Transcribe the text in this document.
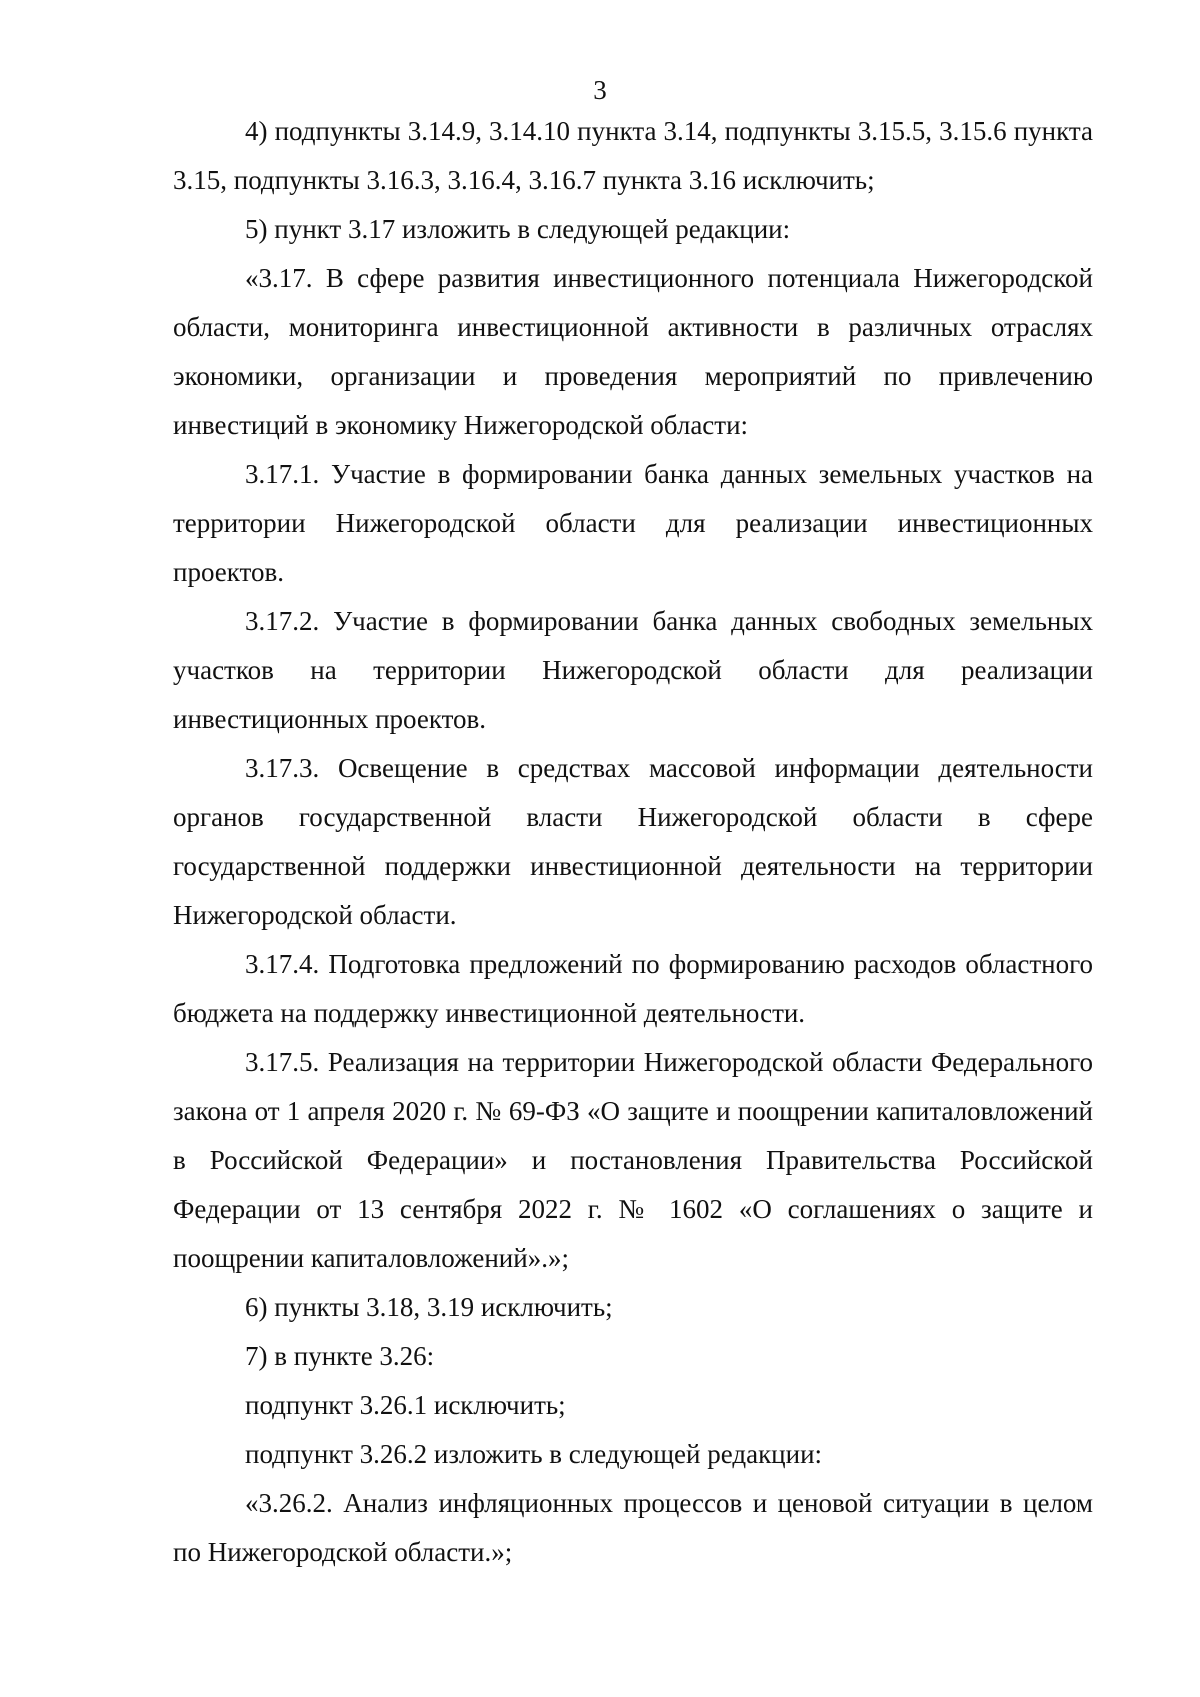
3

4) подпункты 3.14.9, 3.14.10 пункта 3.14, подпункты 3.15.5, 3.15.6 пункта 3.15, подпункты 3.16.3, 3.16.4, 3.16.7 пункта 3.16 исключить;

5) пункт 3.17 изложить в следующей редакции:

«3.17. В сфере развития инвестиционного потенциала Нижегородской области, мониторинга инвестиционной активности в различных отраслях экономики, организации и проведения мероприятий по привлечению инвестиций в экономику Нижегородской области:

3.17.1. Участие в формировании банка данных земельных участков на территории Нижегородской области для реализации инвестиционных проектов.

3.17.2. Участие в формировании банка данных свободных земельных участков на территории Нижегородской области для реализации инвестиционных проектов.

3.17.3. Освещение в средствах массовой информации деятельности органов государственной власти Нижегородской области в сфере государственной поддержки инвестиционной деятельности на территории Нижегородской области.

3.17.4. Подготовка предложений по формированию расходов областного бюджета на поддержку инвестиционной деятельности.

3.17.5. Реализация на территории Нижегородской области Федерального закона от 1 апреля 2020 г. № 69-ФЗ «О защите и поощрении капиталовложений в Российской Федерации» и постановления Правительства Российской Федерации от 13 сентября 2022 г. № 1602 «О соглашениях о защите и поощрении капиталовложений».»;

6) пункты 3.18, 3.19 исключить;

7) в пункте 3.26:

подпункт 3.26.1 исключить;

подпункт 3.26.2 изложить в следующей редакции:

«3.26.2. Анализ инфляционных процессов и ценовой ситуации в целом по Нижегородской области.»;
